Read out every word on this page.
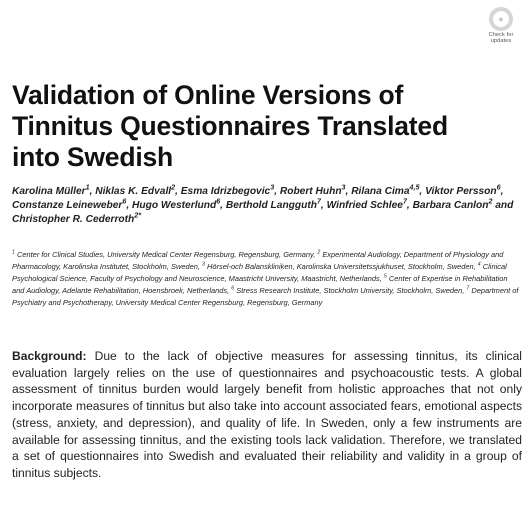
●
Check for
updates
Validation of Online Versions of
Tinnitus Questionnaires Translated
into Swedish
Karolina Müller$^1$, Niklas K. Edvall$^2$, Esma Idrizbegovic$^3$, Robert Huhn$^3$, Rilana Cima$^{4,5}$, Viktor Persson$^6$, Constanze Leineweber$^6$, Hugo Westerlund$^6$, Berthold Langguth$^7$, Winfried Schlee$^7$, Barbara Canlon$^2$ and Christopher R. Cederroth$^{2*}$
$^1$ Center for Clinical Studies, University Medical Center Regensburg, Regensburg, Germany, $^2$ Experimental Audiology, Department of Physiology and Pharmacology, Karolinska Institutet, Stockholm, Sweden, $^3$ Hörsel-och Balanskliniken, Karolinska Universitetssjukhuset, Stockholm, Sweden, $^4$ Clinical Psychological Science, Faculty of Psychology and Neuroscience, Maastricht University, Maastricht, Netherlands, $^5$ Center of Expertise in Rehabilitation and Audiology, Adelante Rehabilitation, Hoensbroek, Netherlands, $^6$ Stress Research Institute, Stockholm University, Stockholm, Sweden, $^7$ Department of Psychiatry and Psychotherapy, University Medical Center Regensburg, Regensburg, Germany

Background: Due to the lack of objective measures for assessing tinnitus, its clinical evaluation largely relies on the use of questionnaires and psychoacoustic tests. A global assessment of tinnitus burden would largely benefit from holistic approaches that not only incorporate measures of tinnitus but also take into account associated fears, emotional aspects (stress, anxiety, and depression), and quality of life. In Sweden, only a few instruments are available for assessing tinnitus, and the existing tools lack validation. Therefore, we translated a set of questionnaires into Swedish and evaluated their reliability and validity in a group of tinnitus subjects.
